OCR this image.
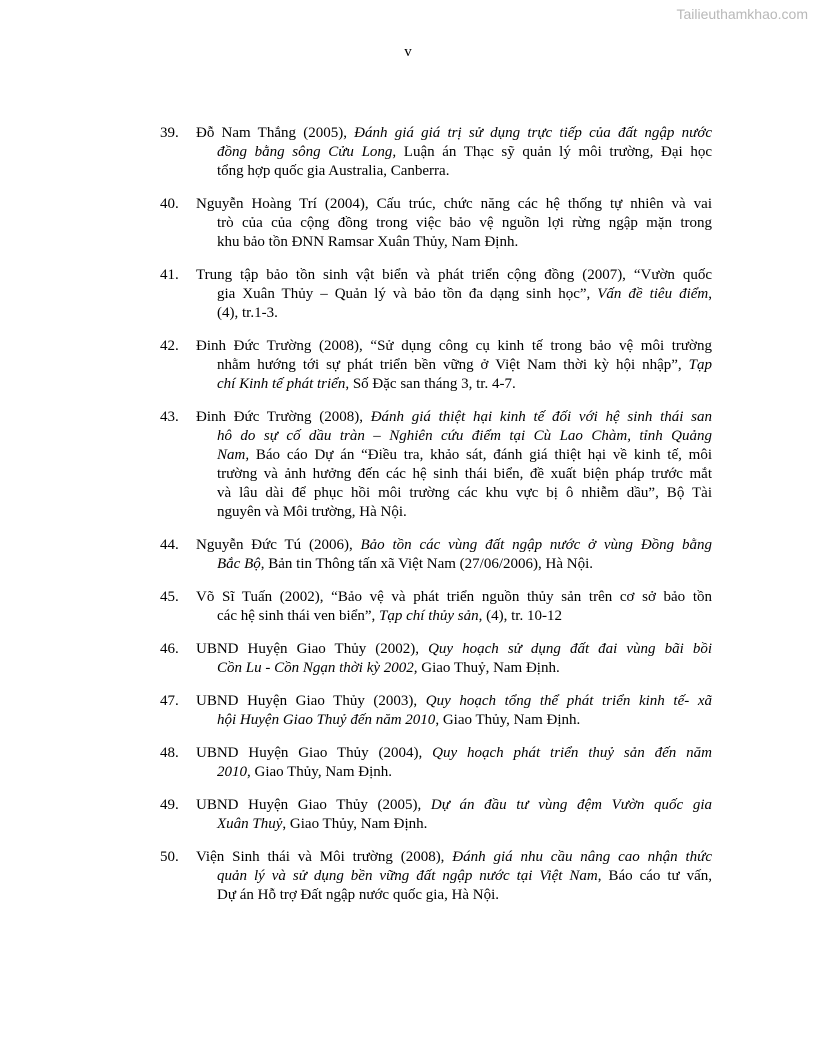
Tailieuthamkhao.com
v
39.	Đỗ Nam Thắng (2005), Đánh giá giá trị sử dụng trực tiếp của đất ngập nước
đồng bằng sông Cửu Long, Luận án Thạc sỹ quản lý môi trường, Đại học
tổng hợp quốc gia Australia, Canberra.
40.	Nguyễn Hoàng Trí (2004), Cấu trúc, chức năng các hệ thống tự nhiên và vai
trò của của cộng đồng trong việc bảo vệ nguồn lợi rừng ngập mặn trong
khu bảo tồn ĐNN Ramsar Xuân Thủy, Nam Định.
41.	Trung tập bảo tồn sinh vật biển và phát triển cộng đồng (2007), “Vườn quốc
gia Xuân Thủy – Quản lý và bảo tồn đa dạng sinh học”, Vấn đề tiêu điểm,
(4), tr.1-3.
42.	Đinh Đức Trường (2008), “Sử dụng công cụ kinh tế trong bảo vệ môi trường
nhằm hướng tới sự phát triển bền vững ở Việt Nam thời kỳ hội nhập”, Tạp
chí Kinh tế phát triển, Số Đặc san tháng 3, tr. 4-7.
43.	Đinh Đức Trường (2008), Đánh giá thiệt hại kinh tế đối với hệ sinh thái san
hô do sự cố dầu tràn – Nghiên cứu điểm tại Cù Lao Chàm, tỉnh Quảng
Nam, Báo cáo Dự án “Điều tra, khảo sát, đánh giá thiệt hại về kinh tế, môi
trường và ảnh hưởng đến các hệ sinh thái biển, đề xuất biện pháp trước mắt
và lâu dài để phục hồi môi trường các khu vực bị ô nhiễm dầu”, Bộ Tài
nguyên và Môi trường, Hà Nội.
44.	Nguyễn Đức Tú (2006), Bảo tồn các vùng đất ngập nước ở vùng Đồng bằng
Bắc Bộ, Bản tin Thông tấn xã Việt Nam (27/06/2006), Hà Nội.
45.	Võ Sĩ Tuấn (2002), “Bảo vệ và phát triển nguồn thủy sản trên cơ sở bảo tồn
các hệ sinh thái ven biển”, Tạp chí thủy sản, (4), tr. 10-12
46.	UBND Huyện Giao Thủy (2002), Quy hoạch sử dụng đất đai vùng bãi bồi
Cồn Lu - Cồn Ngạn thời kỳ 2002, Giao Thuỷ, Nam Định.
47.	UBND Huyện Giao Thủy (2003), Quy hoạch tổng thể phát triển kinh tế- xã
hội Huyện Giao Thuỷ đến năm 2010, Giao Thủy, Nam Định.
48.	UBND Huyện Giao Thủy (2004), Quy hoạch phát triển thuỷ sản đến năm
2010, Giao Thủy, Nam Định.
49.	UBND Huyện Giao Thủy (2005), Dự án đầu tư vùng đệm Vườn quốc gia
Xuân Thuỷ, Giao Thủy, Nam Định.
50.	Viện Sinh thái và Môi trường (2008), Đánh giá nhu cầu nâng cao nhận thức
quản lý và sử dụng bền vững đất ngập nước tại Việt Nam, Báo cáo tư vấn,
Dự án Hỗ trợ Đất ngập nước quốc gia, Hà Nội.
